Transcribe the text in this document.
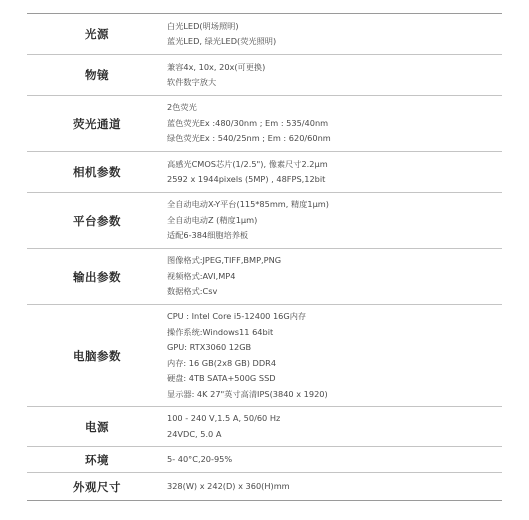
光源
白光LED(明场照明)
蓝光LED, 绿光LED(荧光照明)
物镜
兼容4x, 10x, 20x(可更换)
软件数字放大
荧光通道
2色荧光
蓝色荧光Ex :480/30nm ; Em : 535/40nm
绿色荧光Ex : 540/25nm ; Em : 620/60nm
相机参数
高感光CMOS芯片(1/2.5"), 像素尺寸2.2μm
2592 x 1944pixels (5MP) , 48FPS,12bit
平台参数
全自动电动X-Y平台(115*85mm, 精度1μm)
全自动电动Z (精度1μm)
适配6-384细胞培养板
输出参数
图像格式:JPEG,TIFF,BMP,PNG
视频格式:AVI,MP4
数据格式:Csv
电脑参数
CPU : Intel Core i5-12400 16G内存
操作系统:Windows11 64bit
GPU: RTX3060 12GB
内存: 16 GB(2x8 GB) DDR4
硬盘: 4TB SATA+500G SSD
显示器: 4K 27"英寸高清IPS(3840 x 1920)
电源
100 - 240 V,1.5 A, 50/60 Hz
24VDC, 5.0 A
环境	5- 40°C,20-95%
外观尺寸	328(W) x 242(D) x 360(H)mm
